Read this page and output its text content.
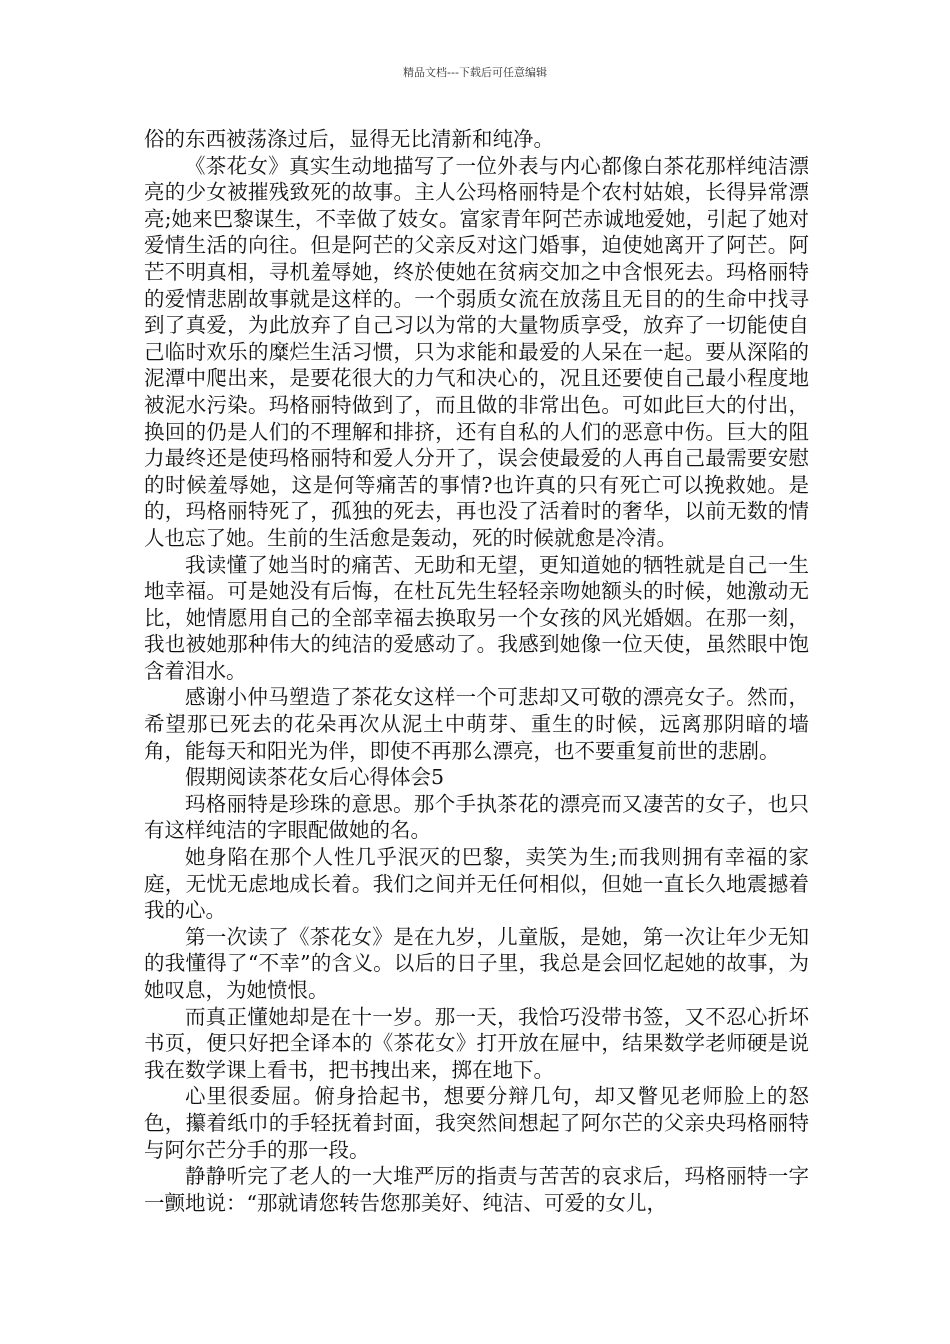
精品文档---下载后可任意编辑

俗的东西被荡涤过后，显得无比清新和纯净。

《茶花女》真实生动地描写了一位外表与内心都像白茶花那样纯洁漂亮的少女被摧残致死的故事。主人公玛格丽特是个农村姑娘，长得异常漂亮;她来巴黎谋生，不幸做了妓女。富家青年阿芒赤诚地爱她，引起了她对爱情生活的向往。但是阿芒的父亲反对这门婚事，迫使她离开了阿芒。阿芒不明真相，寻机羞辱她，终於使她在贫病交加之中含恨死去。玛格丽特的爱情悲剧故事就是这样的。一个弱质女流在放荡且无目的的生命中找寻到了真爱，为此放弃了自己习以为常的大量物质享受，放弃了一切能使自己临时欢乐的糜烂生活习惯，只为求能和最爱的人呆在一起。要从深陷的泥潭中爬出来，是要花很大的力气和决心的，况且还要使自己最小程度地被泥水污染。玛格丽特做到了，而且做的非常出色。可如此巨大的付出，换回的仍是人们的不理解和排挤，还有自私的人们的恶意中伤。巨大的阻力最终还是使玛格丽特和爱人分开了，误会使最爱的人再自己最需要安慰的时候羞辱她，这是何等痛苦的事情?也许真的只有死亡可以挽救她。是的，玛格丽特死了，孤独的死去，再也没了活着时的奢华，以前无数的情人也忘了她。生前的生活愈是轰动，死的时候就愈是冷清。

我读懂了她当时的痛苦、无助和无望，更知道她的牺牲就是自己一生地幸福。可是她没有后悔，在杜瓦先生轻轻亲吻她额头的时候，她激动无比，她情愿用自己的全部幸福去换取另一个女孩的风光婚姻。在那一刻，我也被她那种伟大的纯洁的爱感动了。我感到她像一位天使，虽然眼中饱含着泪水。

感谢小仲马塑造了茶花女这样一个可悲却又可敬的漂亮女子。然而，希望那已死去的花朵再次从泥土中萌芽、重生的时候，远离那阴暗的墙角，能每天和阳光为伴，即使不再那么漂亮，也不要重复前世的悲剧。

假期阅读茶花女后心得体会5

玛格丽特是珍珠的意思。那个手执茶花的漂亮而又凄苦的女子，也只有这样纯洁的字眼配做她的名。

她身陷在那个人性几乎泯灭的巴黎，卖笑为生;而我则拥有幸福的家庭，无忧无虑地成长着。我们之间并无任何相似，但她一直长久地震撼着我的心。

第一次读了《茶花女》是在九岁，儿童版，是她，第一次让年少无知的我懂得了“不幸”的含义。以后的日子里，我总是会回忆起她的故事，为她叹息，为她愤恨。

而真正懂她却是在十一岁。那一天，我恰巧没带书签，又不忍心折坏书页，便只好把全译本的《茶花女》打开放在屉中，结果数学老师硬是说我在数学课上看书，把书拽出来，掷在地下。

心里很委屈。俯身拾起书，想要分辩几句，却又瞥见老师脸上的怒色，攥着纸巾的手轻抚着封面，我突然间想起了阿尔芒的父亲央玛格丽特与阿尔芒分手的那一段。

静静听完了老人的一大堆严厉的指责与苦苦的哀求后，玛格丽特一字一颤地说：“那就请您转告您那美好、纯洁、可爱的女儿，
